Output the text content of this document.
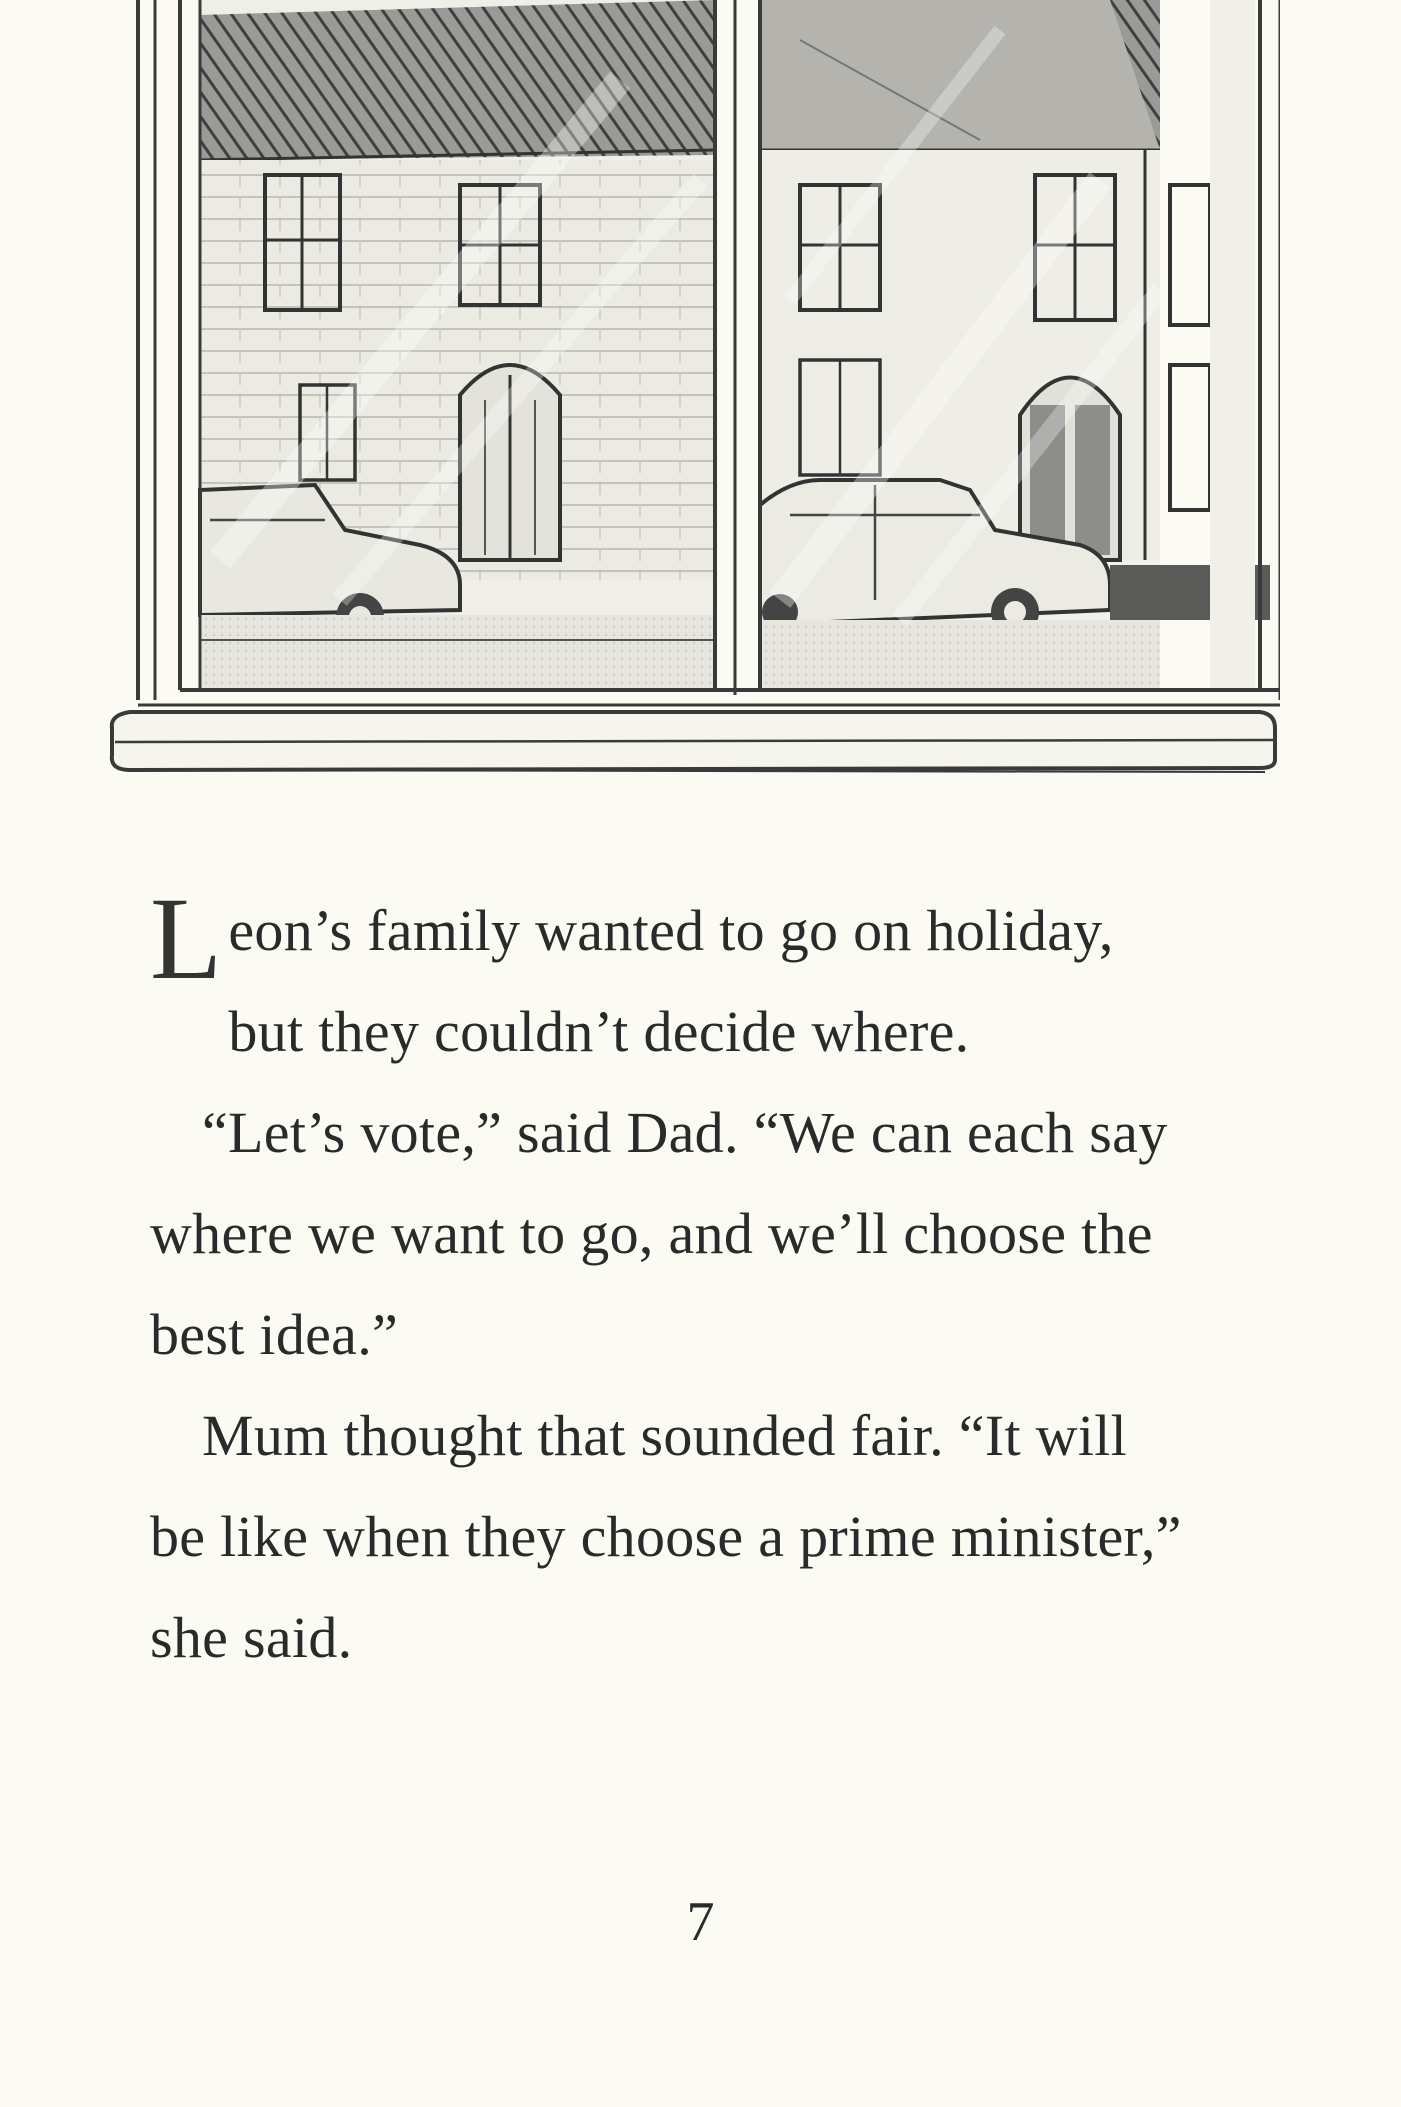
Leon’s family wanted to go on holiday, but they couldn’t decide where.

“Let’s vote,” said Dad. “We can each say where we want to go, and we’ll choose the best idea.”

Mum thought that sounded fair. “It will be like when they choose a prime minister,” she said.

7
